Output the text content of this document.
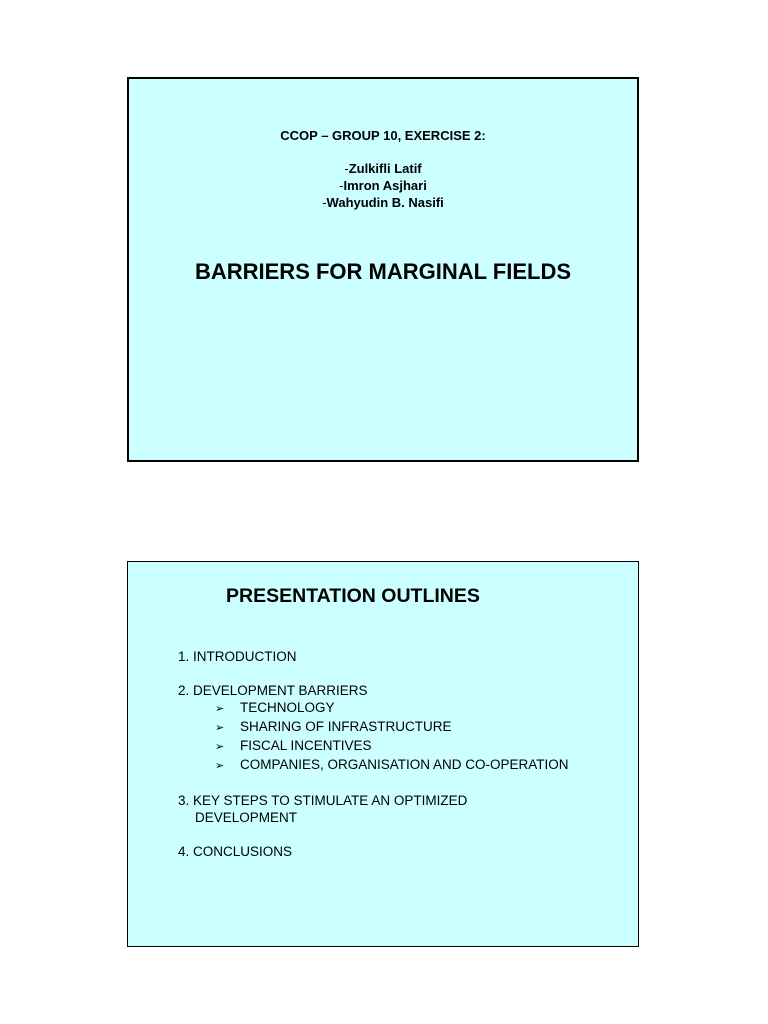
CCOP – GROUP 10, EXERCISE 2:
-Zulkifli Latif
-Imron Asjhari
-Wahyudin B. Nasifi
BARRIERS FOR MARGINAL FIELDS
PRESENTATION OUTLINES
1. INTRODUCTION
2. DEVELOPMENT BARRIERS
➢ TECHNOLOGY
➢ SHARING OF INFRASTRUCTURE
➢ FISCAL INCENTIVES
➢ COMPANIES, ORGANISATION AND CO-OPERATION
3. KEY STEPS TO STIMULATE AN OPTIMIZED
DEVELOPMENT
4. CONCLUSIONS
